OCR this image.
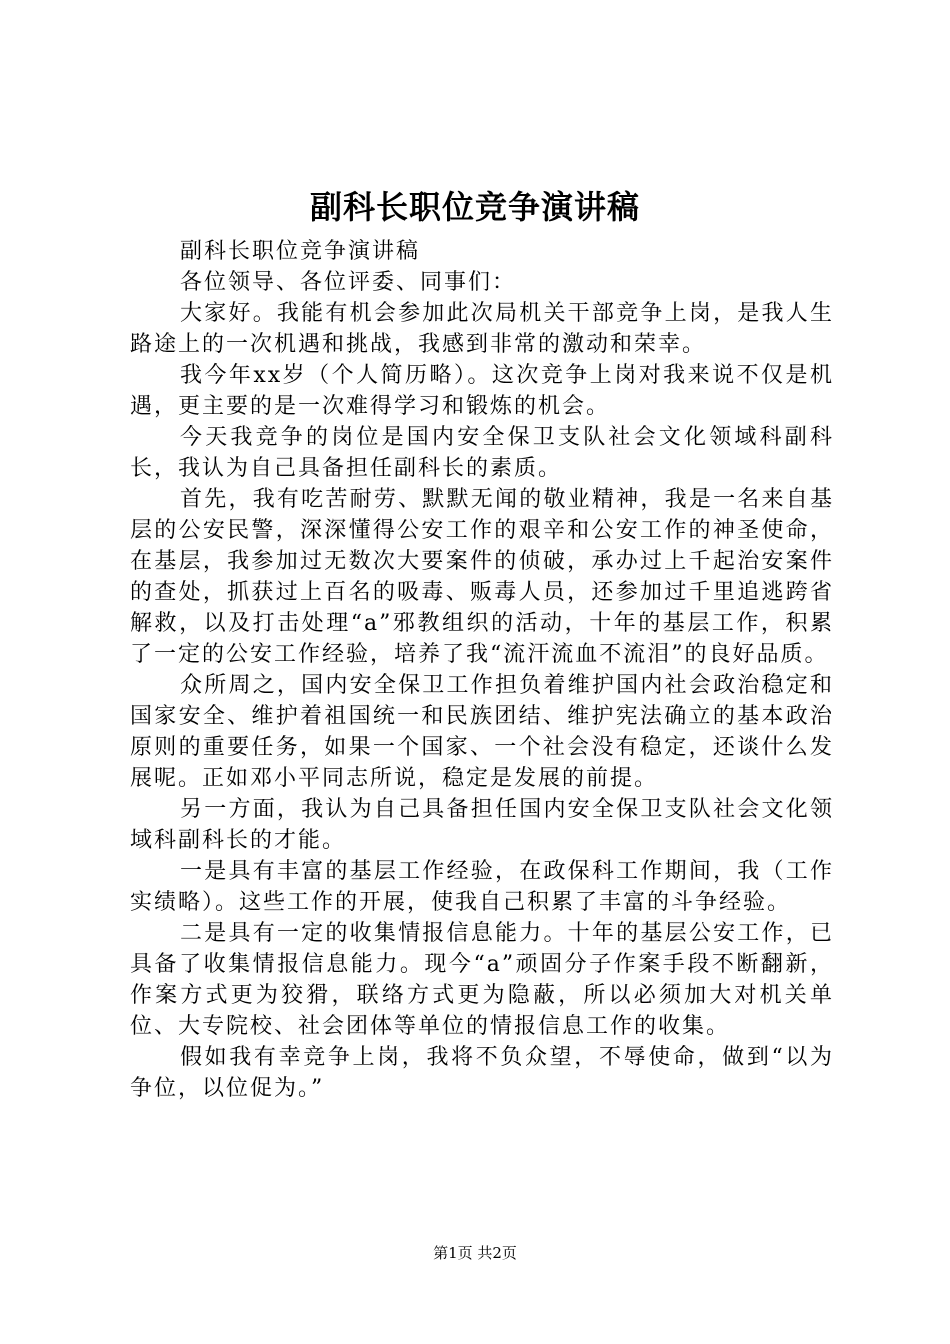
副科长职位竞争演讲稿

副科长职位竞争演讲稿

各位领导、各位评委、同事们：

大家好。我能有机会参加此次局机关干部竞争上岗，是我人生路途上的一次机遇和挑战，我感到非常的激动和荣幸。

我今年xx岁（个人简历略）。这次竞争上岗对我来说不仅是机遇，更主要的是一次难得学习和锻炼的机会。

今天我竞争的岗位是国内安全保卫支队社会文化领域科副科长，我认为自己具备担任副科长的素质。

首先，我有吃苦耐劳、默默无闻的敬业精神，我是一名来自基层的公安民警，深深懂得公安工作的艰辛和公安工作的神圣使命，在基层，我参加过无数次大要案件的侦破，承办过上千起治安案件的查处，抓获过上百名的吸毒、贩毒人员，还参加过千里追逃跨省解救，以及打击处理“a”邪教组织的活动，十年的基层工作，积累了一定的公安工作经验，培养了我“流汗流血不流泪”的良好品质。

众所周之，国内安全保卫工作担负着维护国内社会政治稳定和国家安全、维护着祖国统一和民族团结、维护宪法确立的基本政治原则的重要任务，如果一个国家、一个社会没有稳定，还谈什么发展呢。正如邓小平同志所说，稳定是发展的前提。

另一方面，我认为自己具备担任国内安全保卫支队社会文化领域科副科长的才能。

一是具有丰富的基层工作经验，在政保科工作期间，我（工作实绩略）。这些工作的开展，使我自己积累了丰富的斗争经验。

二是具有一定的收集情报信息能力。十年的基层公安工作，已具备了收集情报信息能力。现今“a”顽固分子作案手段不断翻新，作案方式更为狡猾，联络方式更为隐蔽，所以必须加大对机关单位、大专院校、社会团体等单位的情报信息工作的收集。

假如我有幸竞争上岗，我将不负众望，不辱使命，做到“以为争位，以位促为。”

第1页 共2页
